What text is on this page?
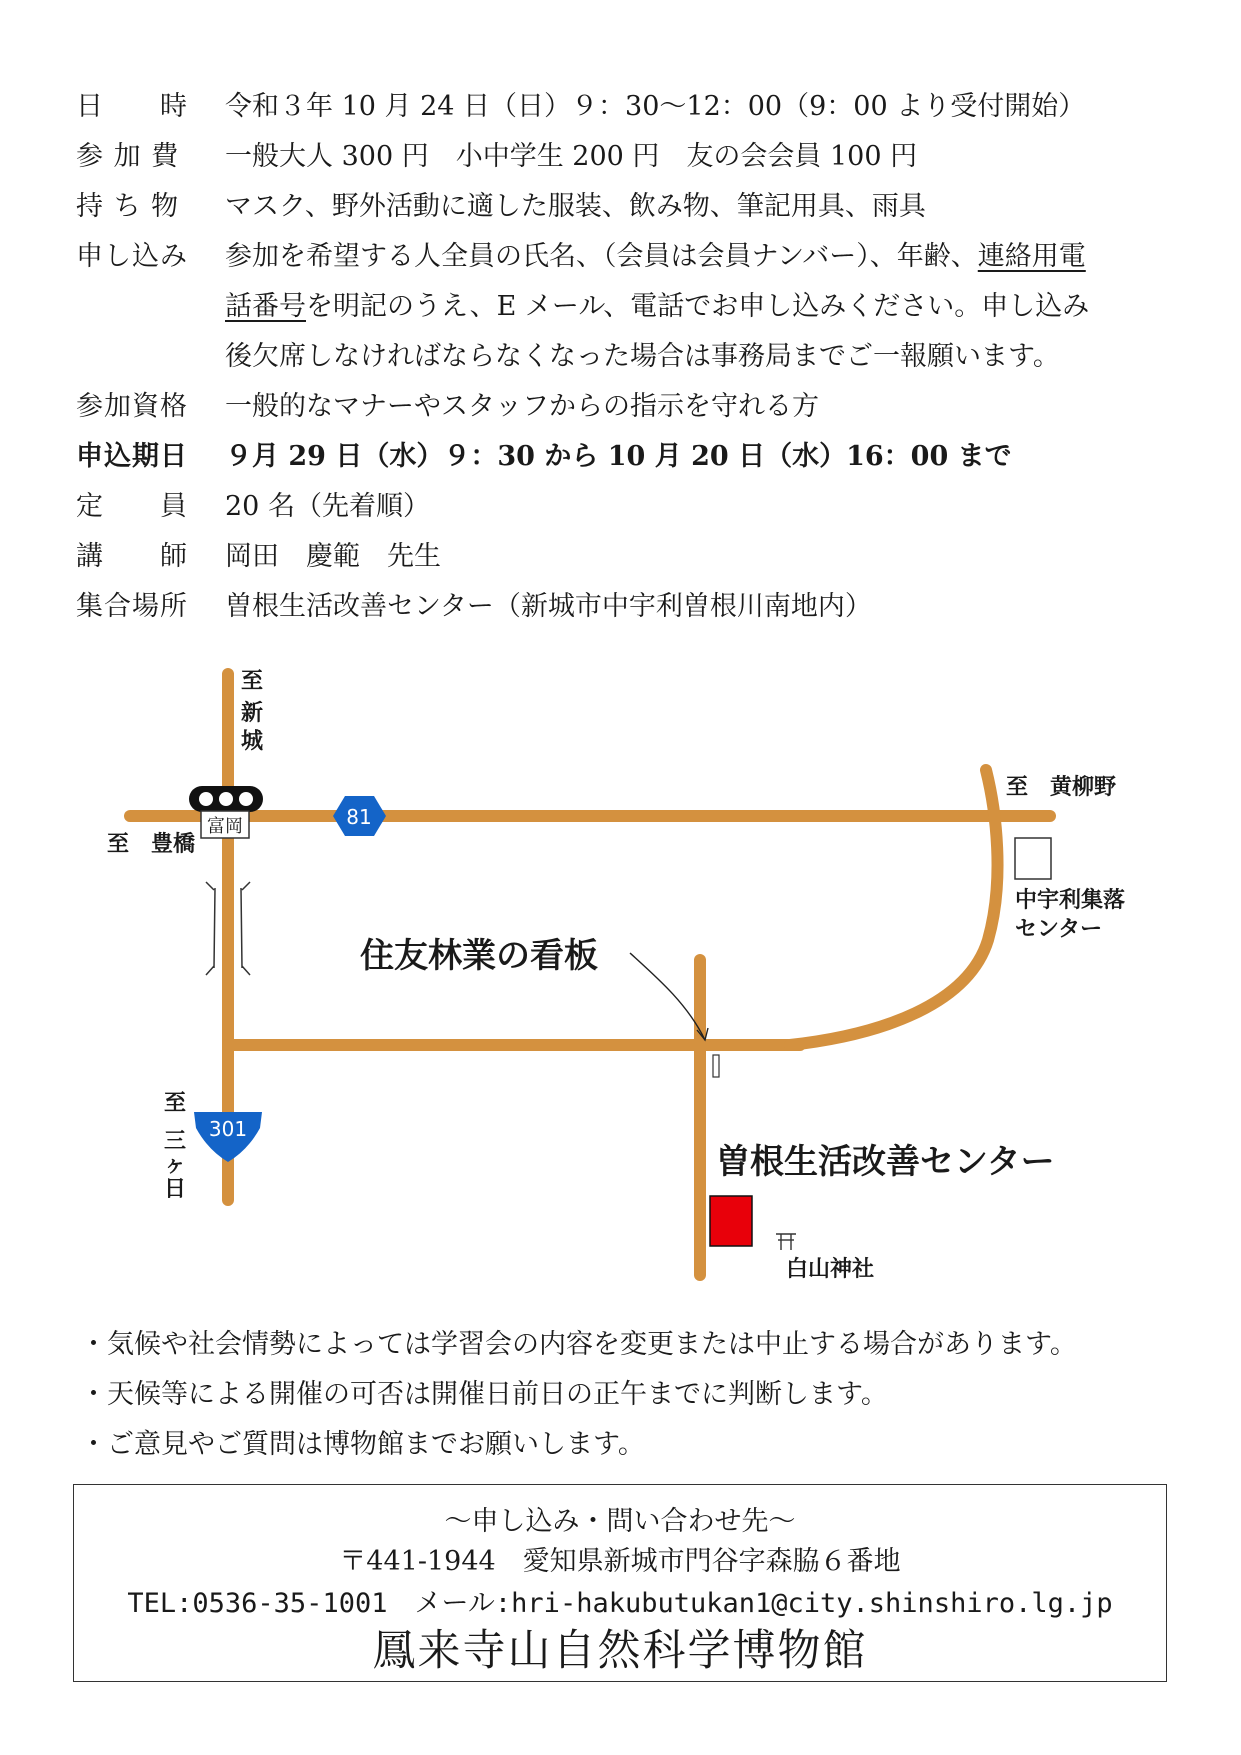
日　　時	令和３年 10 月 24 日（日）９：30〜12：00（9：00 より受付開始）
参 加 費	一般大人 300 円　小中学生 200 円　友の会会員 100 円
持 ち 物	マスク、野外活動に適した服装、飲み物、筆記用具、雨具
申し込み	参加を希望する人全員の氏名、（会員は会員ナンバー）、年齢、連絡用電
話番号を明記のうえ、E メール、電話でお申し込みください。申し込み
後欠席しなければならなくなった場合は事務局までご一報願います。
参加資格	一般的なマナーやスタッフからの指示を守れる方
申込期日	９月 29 日（水）９：30 から 10 月 20 日（水）16：00 まで
定　　員	20 名（先着順）
講　　師	岡田　慶範　先生
集合場所	曽根生活改善センター（新城市中宇利曽根川南地内）
富岡
至
新
城
至　豊橋
81
至　黄柳野
中宇利集落
センター
住友林業の看板
至
三
ヶ
日
301
曽根生活改善センター
白山神社
・気候や社会情勢によっては学習会の内容を変更または中止する場合があります。
・天候等による開催の可否は開催日前日の正午までに判断します。
・ご意見やご質問は博物館までお願いします。
〜申し込み・問い合わせ先〜
〒441-1944　愛知県新城市門谷字森脇６番地
TEL:0536-35-1001　メール:hri-hakubutukan1@city.shinshiro.lg.jp
鳳来寺山自然科学博物館
